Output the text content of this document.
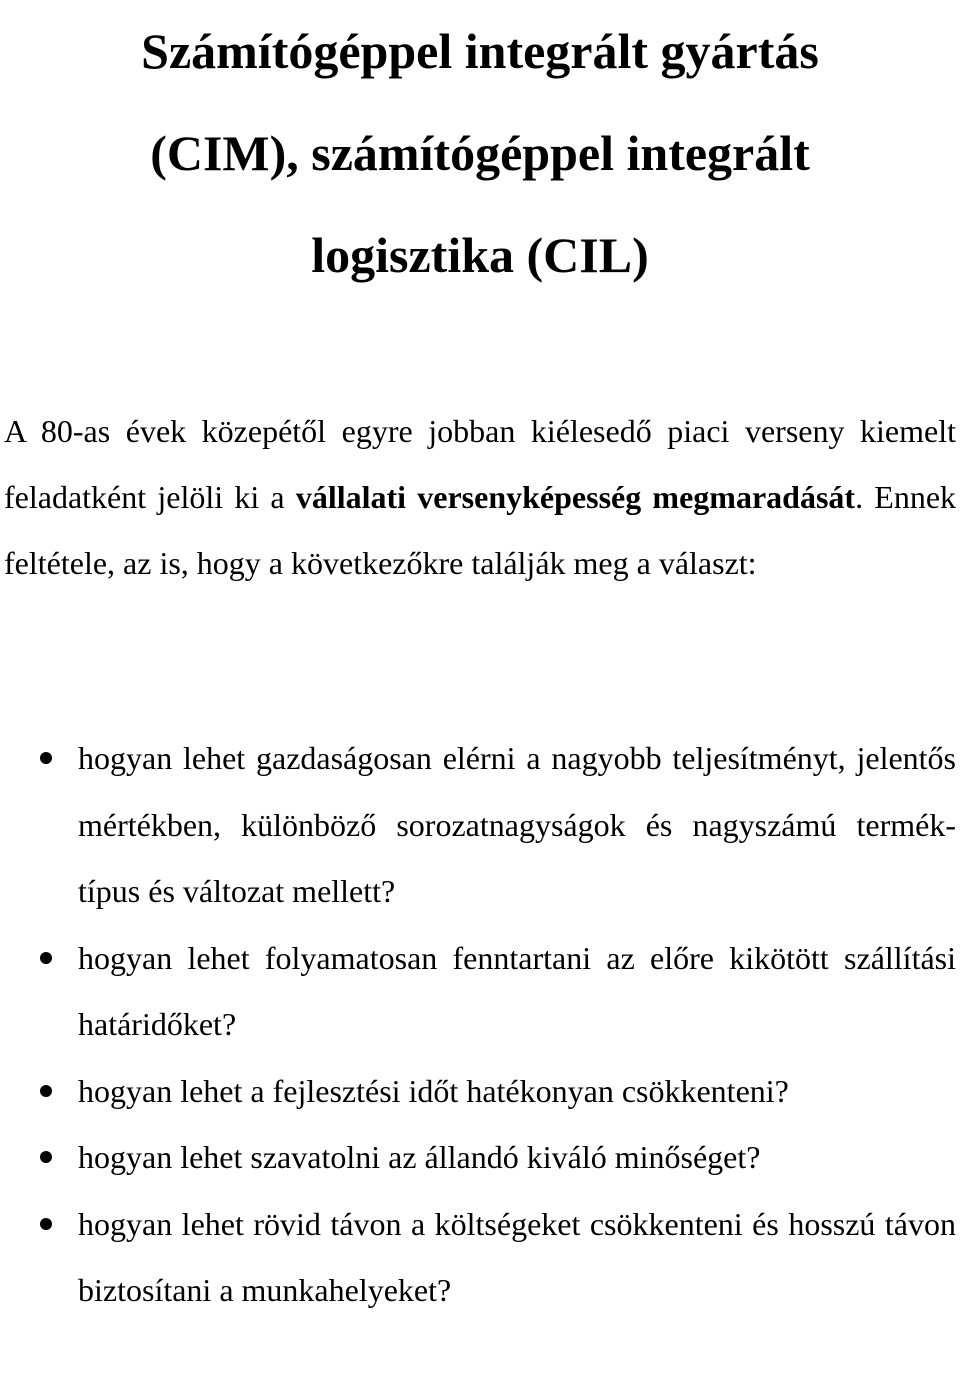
Számítógéppel integrált gyártás
(CIM), számítógéppel integrált
logisztika (CIL)

A 80-as évek közepétől egyre jobban kiélesedő piaci verseny kiemelt feladatként jelöli ki a vállalati versenyképesség megmaradását. Ennek feltétele, az is, hogy a következőkre találják meg a választ:

hogyan lehet gazdaságosan elérni a nagyobb teljesítményt, jelentős mértékben, különböző sorozatnagyságok és nagyszámú termék-típus és változat mellett?
hogyan lehet folyamatosan fenntartani az előre kikötött szállítási határidőket?
hogyan lehet a fejlesztési időt hatékonyan csökkenteni?
hogyan lehet szavatolni az állandó kiváló minőséget?
hogyan lehet rövid távon a költségeket csökkenteni és hosszú távon biztosítani a munkahelyeket?
